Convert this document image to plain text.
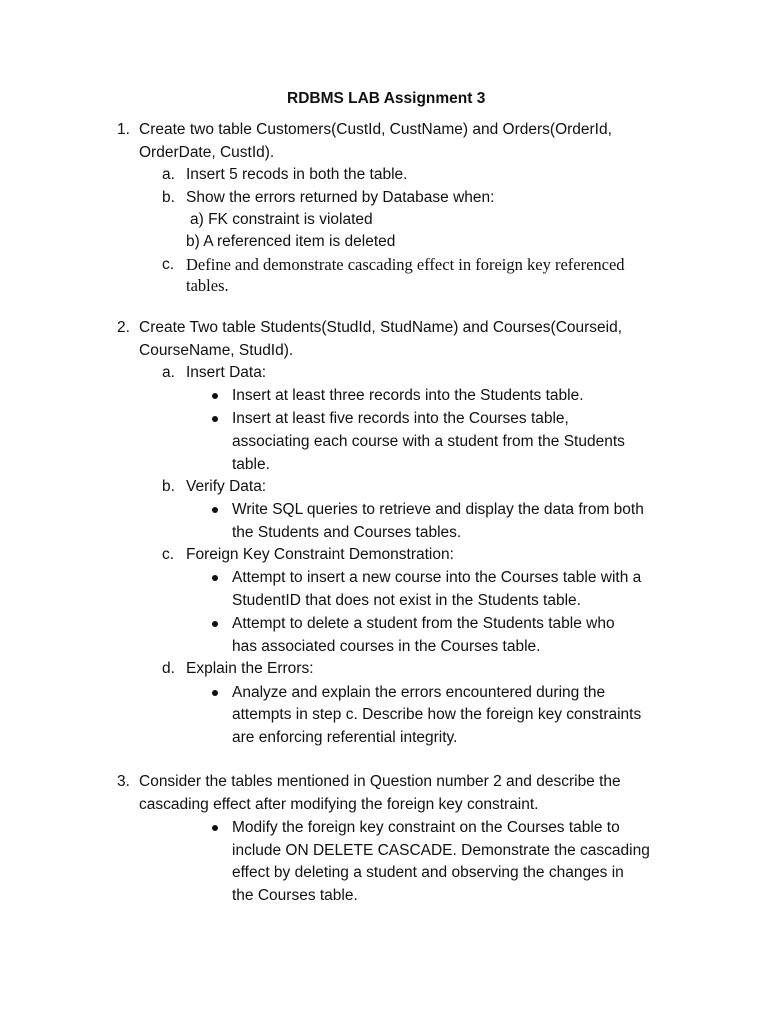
RDBMS LAB Assignment 3
1. Create two table Customers(CustId, CustName) and Orders(OrderId,
OrderDate, CustId).
a. Insert 5 recods in both the table.
b. Show the errors returned by Database when:
a) FK constraint is violated
b) A referenced item is deleted
c. Define and demonstrate cascading effect in foreign key referenced
tables.
2. Create Two table Students(StudId, StudName) and Courses(Courseid,
CourseName, StudId).
a. Insert Data:
Insert at least three records into the Students table.
Insert at least five records into the Courses table,
associating each course with a student from the Students
table.
b. Verify Data:
Write SQL queries to retrieve and display the data from both
the Students and Courses tables.
c. Foreign Key Constraint Demonstration:
Attempt to insert a new course into the Courses table with a
StudentID that does not exist in the Students table.
Attempt to delete a student from the Students table who
has associated courses in the Courses table.
d. Explain the Errors:
Analyze and explain the errors encountered during the
attempts in step c. Describe how the foreign key constraints
are enforcing referential integrity.
3. Consider the tables mentioned in Question number 2 and describe the
cascading effect after modifying the foreign key constraint.
Modify the foreign key constraint on the Courses table to
include ON DELETE CASCADE. Demonstrate the cascading
effect by deleting a student and observing the changes in
the Courses table.
